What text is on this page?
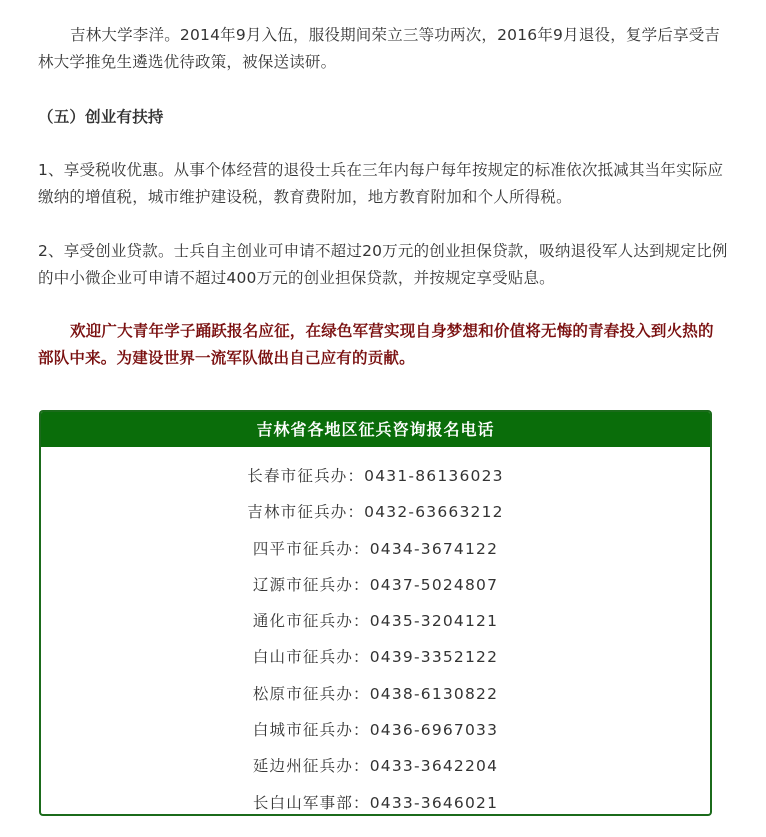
吉林大学李洋。2014年9月入伍，服役期间荣立三等功两次，2016年9月退役，复学后享受吉林大学推免生遴选优待政策，被保送读研。

（五）创业有扶持

1、享受税收优惠。从事个体经营的退役士兵在三年内每户每年按规定的标准依次抵减其当年实际应缴纳的增值税，城市维护建设税，教育费附加，地方教育附加和个人所得税。

2、享受创业贷款。士兵自主创业可申请不超过20万元的创业担保贷款，吸纳退役军人达到规定比例的中小微企业可申请不超过400万元的创业担保贷款，并按规定享受贴息。

欢迎广大青年学子踊跃报名应征，在绿色军营实现自身梦想和价值将无悔的青春投入到火热的部队中来。为建设世界一流军队做出自己应有的贡献。

吉林省各地区征兵咨询报名电话
长春市征兵办：0431-86136023
吉林市征兵办：0432-63663212
四平市征兵办：0434-3674122
辽源市征兵办：0437-5024807
通化市征兵办：0435-3204121
白山市征兵办：0439-3352122
松原市征兵办：0438-6130822
白城市征兵办：0436-6967033
延边州征兵办：0433-3642204
长白山军事部：0433-3646021
